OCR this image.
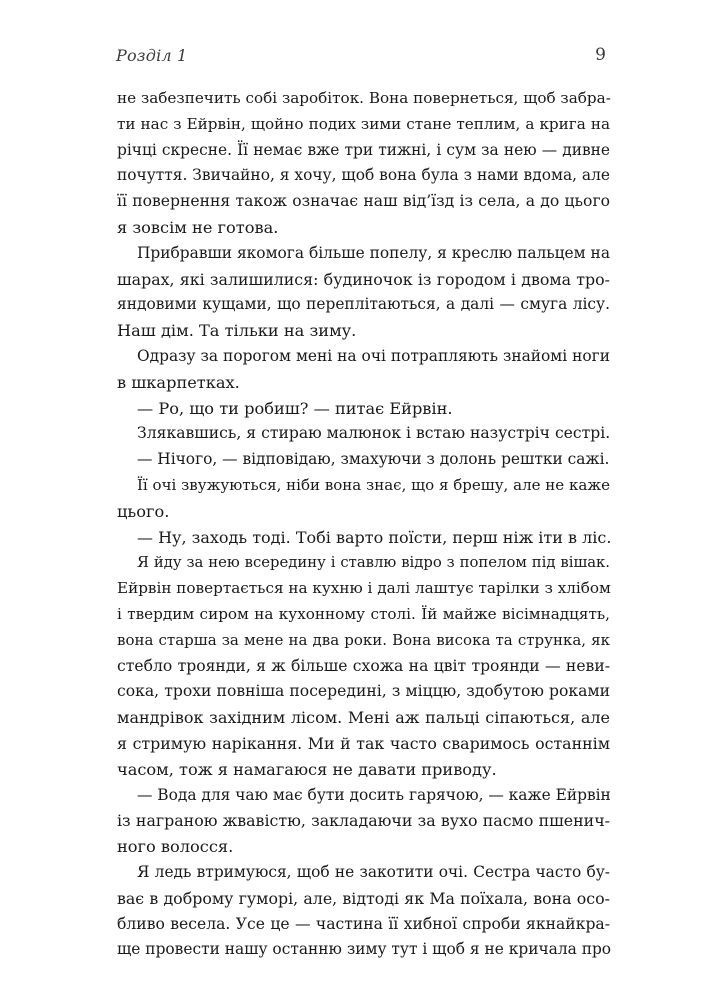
Розділ 1	9
не забезпечить собі заробіток. Вона повернеться, щоб забра-
ти нас з Ейрвін, щойно подих зими стане теплим, а крига на
річці скресне. Її немає вже три тижні, і сум за нею — дивне
почуття. Звичайно, я хочу, щоб вона була з нами вдома, але
її повернення також означає наш від’їзд із села, а до цього
я зовсім не готова.
Прибравши якомога більше попелу, я креслю пальцем на
шарах, які залишилися: будиночок із городом і двома тро-
яндовими кущами, що переплітаються, а далі — смуга лісу.
Наш дім. Та тільки на зиму.
Одразу за порогом мені на очі потрапляють знайомі ноги
в шкарпетках.
— Ро, що ти робиш? — питає Ейрвін.
Злякавшись, я стираю малюнок і встаю назустріч сестрі.
— Нічого, — відповідаю, змахуючи з долонь рештки сажі.
Її очі звужуються, ніби вона знає, що я брешу, але не каже
цього.
— Ну, заходь тоді. Тобі варто поїсти, перш ніж іти в ліс.
Я йду за нею всередину і ставлю відро з попелом під вішак.
Ейрвін повертається на кухню і далі лаштує тарілки з хлібом
і твердим сиром на кухонному столі. Їй майже вісімнадцять,
вона старша за мене на два роки. Вона висока та струнка, як
стебло троянди, я ж більше схожа на цвіт троянди — неви-
сока, трохи повніша посередині, з міццю, здобутою роками
мандрівок західним лісом. Мені аж пальці сіпаються, але
я стримую нарікання. Ми й так часто сваримось останнім
часом, тож я намагаюся не давати приводу.
— Вода для чаю має бути досить гарячою, — каже Ейрвін
із награною жвавістю, закладаючи за вухо пасмо пшенич-
ного волосся.
Я ледь втримуюся, щоб не закотити очі. Сестра часто бу-
ває в доброму гуморі, але, відтоді як Ма поїхала, вона осо-
бливо весела. Усе це — частина її хибної спроби якнайкра-
ще провести нашу останню зиму тут і щоб я не кричала про
